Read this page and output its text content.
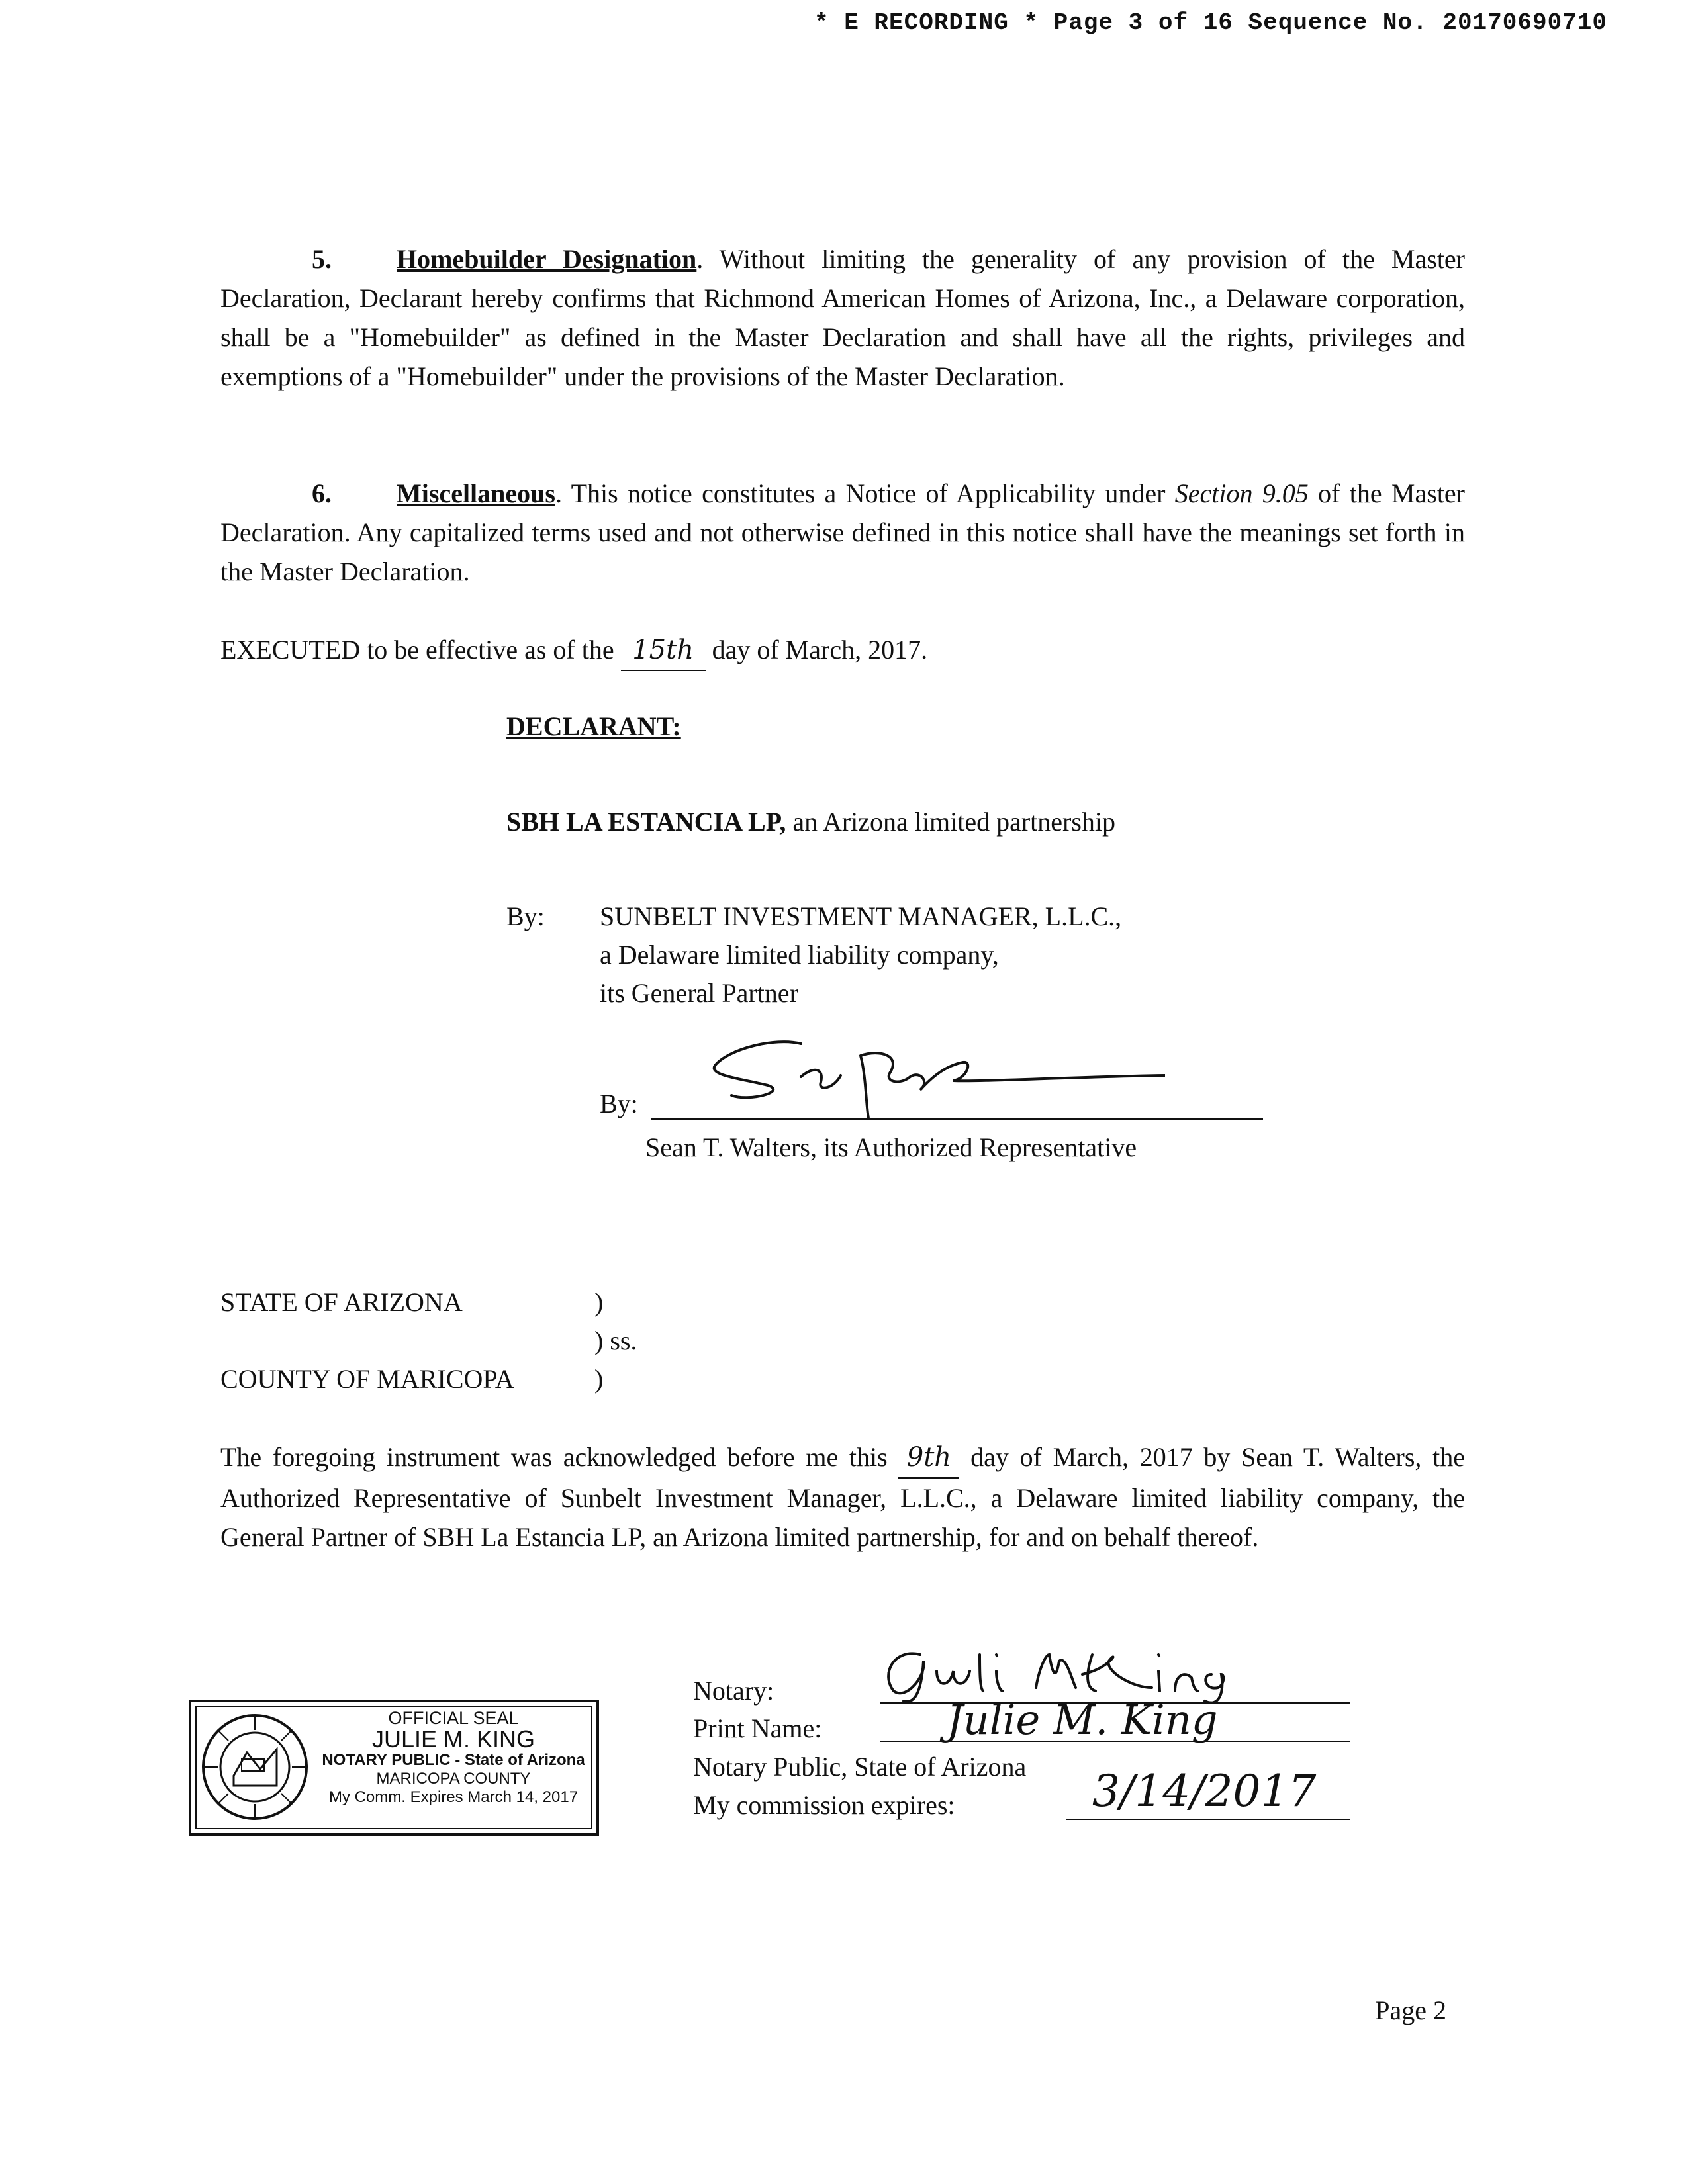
* E RECORDING * Page 3 of 16 Sequence No. 20170690710
5. Homebuilder Designation. Without limiting the generality of any provision of the Master Declaration, Declarant hereby confirms that Richmond American Homes of Arizona, Inc., a Delaware corporation, shall be a "Homebuilder" as defined in the Master Declaration and shall have all the rights, privileges and exemptions of a "Homebuilder" under the provisions of the Master Declaration.
6. Miscellaneous. This notice constitutes a Notice of Applicability under Section 9.05 of the Master Declaration. Any capitalized terms used and not otherwise defined in this notice shall have the meanings set forth in the Master Declaration.
EXECUTED to be effective as of the 15th day of March, 2017.
DECLARANT:
SBH LA ESTANCIA LP, an Arizona limited partnership
By: SUNBELT INVESTMENT MANAGER, L.L.C.,
a Delaware limited liability company,
its General Partner
By:
Sean T. Walters, its Authorized Representative
STATE OF ARIZONA	)
) ss.
COUNTY OF MARICOPA	)
The foregoing instrument was acknowledged before me this 9th day of March, 2017 by Sean T. Walters, the Authorized Representative of Sunbelt Investment Manager, L.L.C., a Delaware limited liability company, the General Partner of SBH La Estancia LP, an Arizona limited partnership, for and on behalf thereof.
OFFICIAL SEAL
JULIE M. KING
NOTARY PUBLIC - State of Arizona
MARICOPA COUNTY
My Comm. Expires March 14, 2017
Notary:
Print Name:	Julie M. King
Notary Public, State of Arizona
My commission expires:	3/14/2017
Page 2
